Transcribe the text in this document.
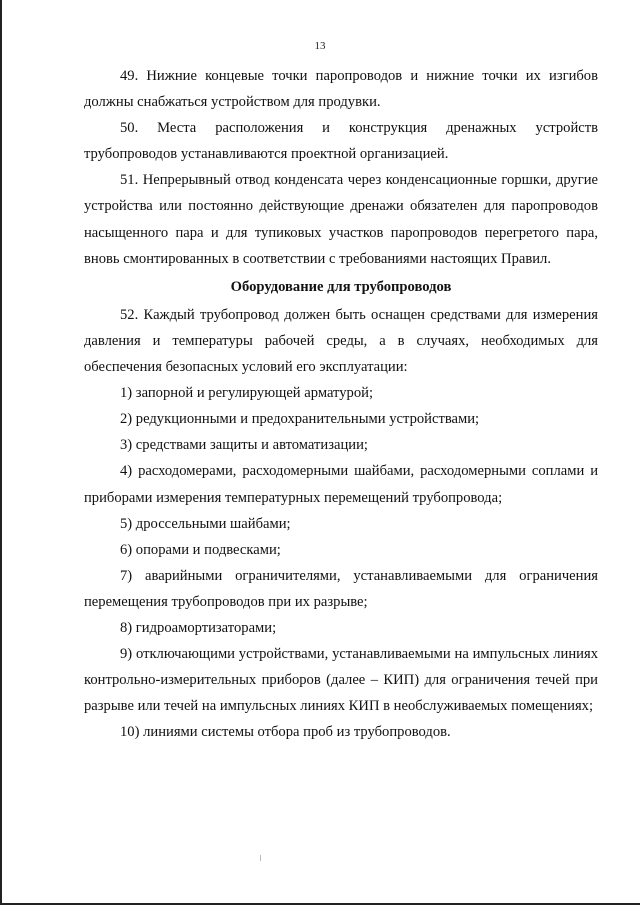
13

49. Нижние концевые точки паропроводов и нижние точки их изгибов должны снабжаться устройством для продувки.

50. Места расположения и конструкция дренажных устройств трубопроводов устанавливаются проектной организацией.

51. Непрерывный отвод конденсата через конденсационные горшки, другие устройства или постоянно действующие дренажи обязателен для паропроводов насыщенного пара и для тупиковых участков паропроводов перегретого пара, вновь смонтированных в соответствии с требованиями настоящих Правил.

Оборудование для трубопроводов

52. Каждый трубопровод должен быть оснащен средствами для измерения давления и температуры рабочей среды, а в случаях, необходимых для обеспечения безопасных условий его эксплуатации:

1) запорной и регулирующей арматурой;

2) редукционными и предохранительными устройствами;

3) средствами защиты и автоматизации;

4) расходомерами, расходомерными шайбами, расходомерными соплами и приборами измерения температурных перемещений трубопровода;

5) дроссельными шайбами;

6) опорами и подвесками;

7) аварийными ограничителями, устанавливаемыми для ограничения перемещения трубопроводов при их разрыве;

8) гидроамортизаторами;

9) отключающими устройствами, устанавливаемыми на импульсных линиях контрольно-измерительных приборов (далее – КИП) для ограничения течей при разрыве или течей на импульсных линиях КИП в необслуживаемых помещениях;

10) линиями системы отбора проб из трубопроводов.
